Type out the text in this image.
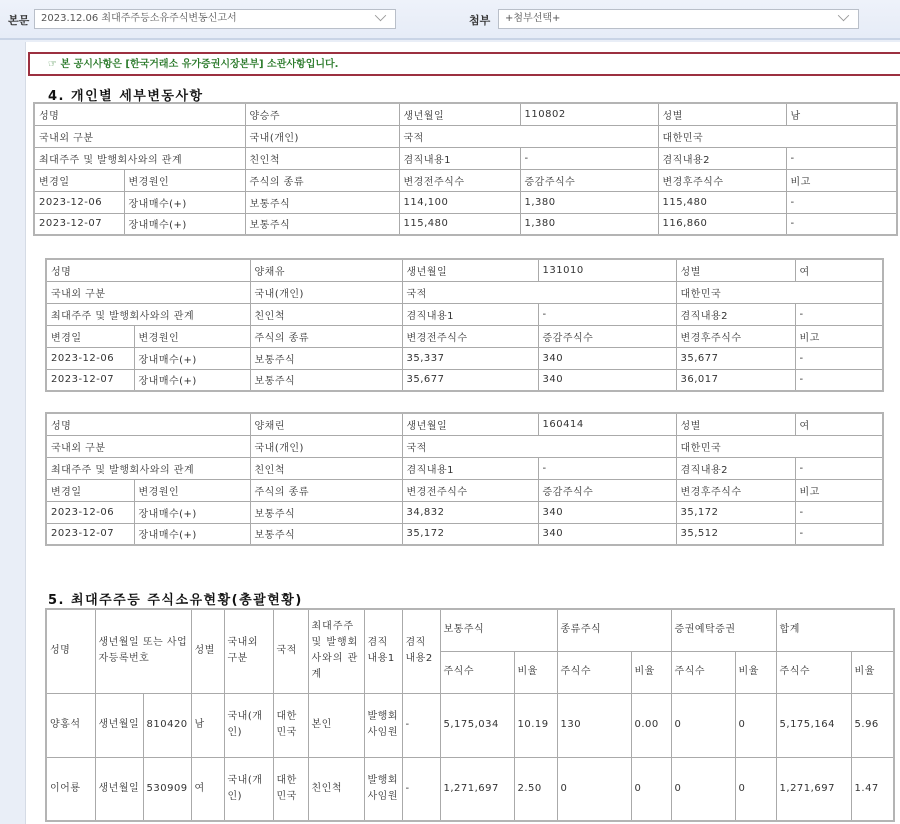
본문	2023.12.06 최대주주등소유주식변동신고서	첨부	+첨부선택+
☞ 본 공시사항은 [한국거래소 유가증권시장본부] 소관사항입니다.
4. 개인별 세부변동사항
성명		양승주	생년월일	110802	성별	남
국내외 구분		국내(개인)	국적		대한민국	
최대주주 및 발행회사와의 관계		친인척	겸직내용1	-	겸직내용2	-
변경일	변경원인	주식의 종류	변경전주식수	증감주식수	변경후주식수	비고
2023-12-06	장내매수(+)	보통주식	114,100	1,380	115,480	-
2023-12-07	장내매수(+)	보통주식	115,480	1,380	116,860	-
성명		양채유	생년월일	131010	성별	여
국내외 구분		국내(개인)	국적		대한민국	
최대주주 및 발행회사와의 관계		친인척	겸직내용1	-	겸직내용2	-
변경일	변경원인	주식의 종류	변경전주식수	증감주식수	변경후주식수	비고
2023-12-06	장내매수(+)	보통주식	35,337	340	35,677	-
2023-12-07	장내매수(+)	보통주식	35,677	340	36,017	-
성명		양채린	생년월일	160414	성별	여
국내외 구분		국내(개인)	국적		대한민국	
최대주주 및 발행회사와의 관계		친인척	겸직내용1	-	겸직내용2	-
변경일	변경원인	주식의 종류	변경전주식수	증감주식수	변경후주식수	비고
2023-12-06	장내매수(+)	보통주식	34,832	340	35,172	-
2023-12-07	장내매수(+)	보통주식	35,172	340	35,512	-
5. 최대주주등 주식소유현황(총괄현황)
성명	생년월일 또는 사업자등록번호		성별	국내외 구분	국적	최대주주 및 발행회사와의 관계	겸직 내용1	겸직 내용2	보통주식		종류주식		증권예탁증권		합계	
									주식수	비율	주식수	비율	주식수	비율	주식수	비율
양홍석	생년월일	810420	남	국내(개인)	대한민국	본인	발행회사임원	-	5,175,034	10.19	130	0.00	0	0	5,175,164	5.96
이어룡	생년월일	530909	여	국내(개인)	대한민국	친인척	발행회사임원	-	1,271,697	2.50	0	0	0	0	1,271,697	1.47
